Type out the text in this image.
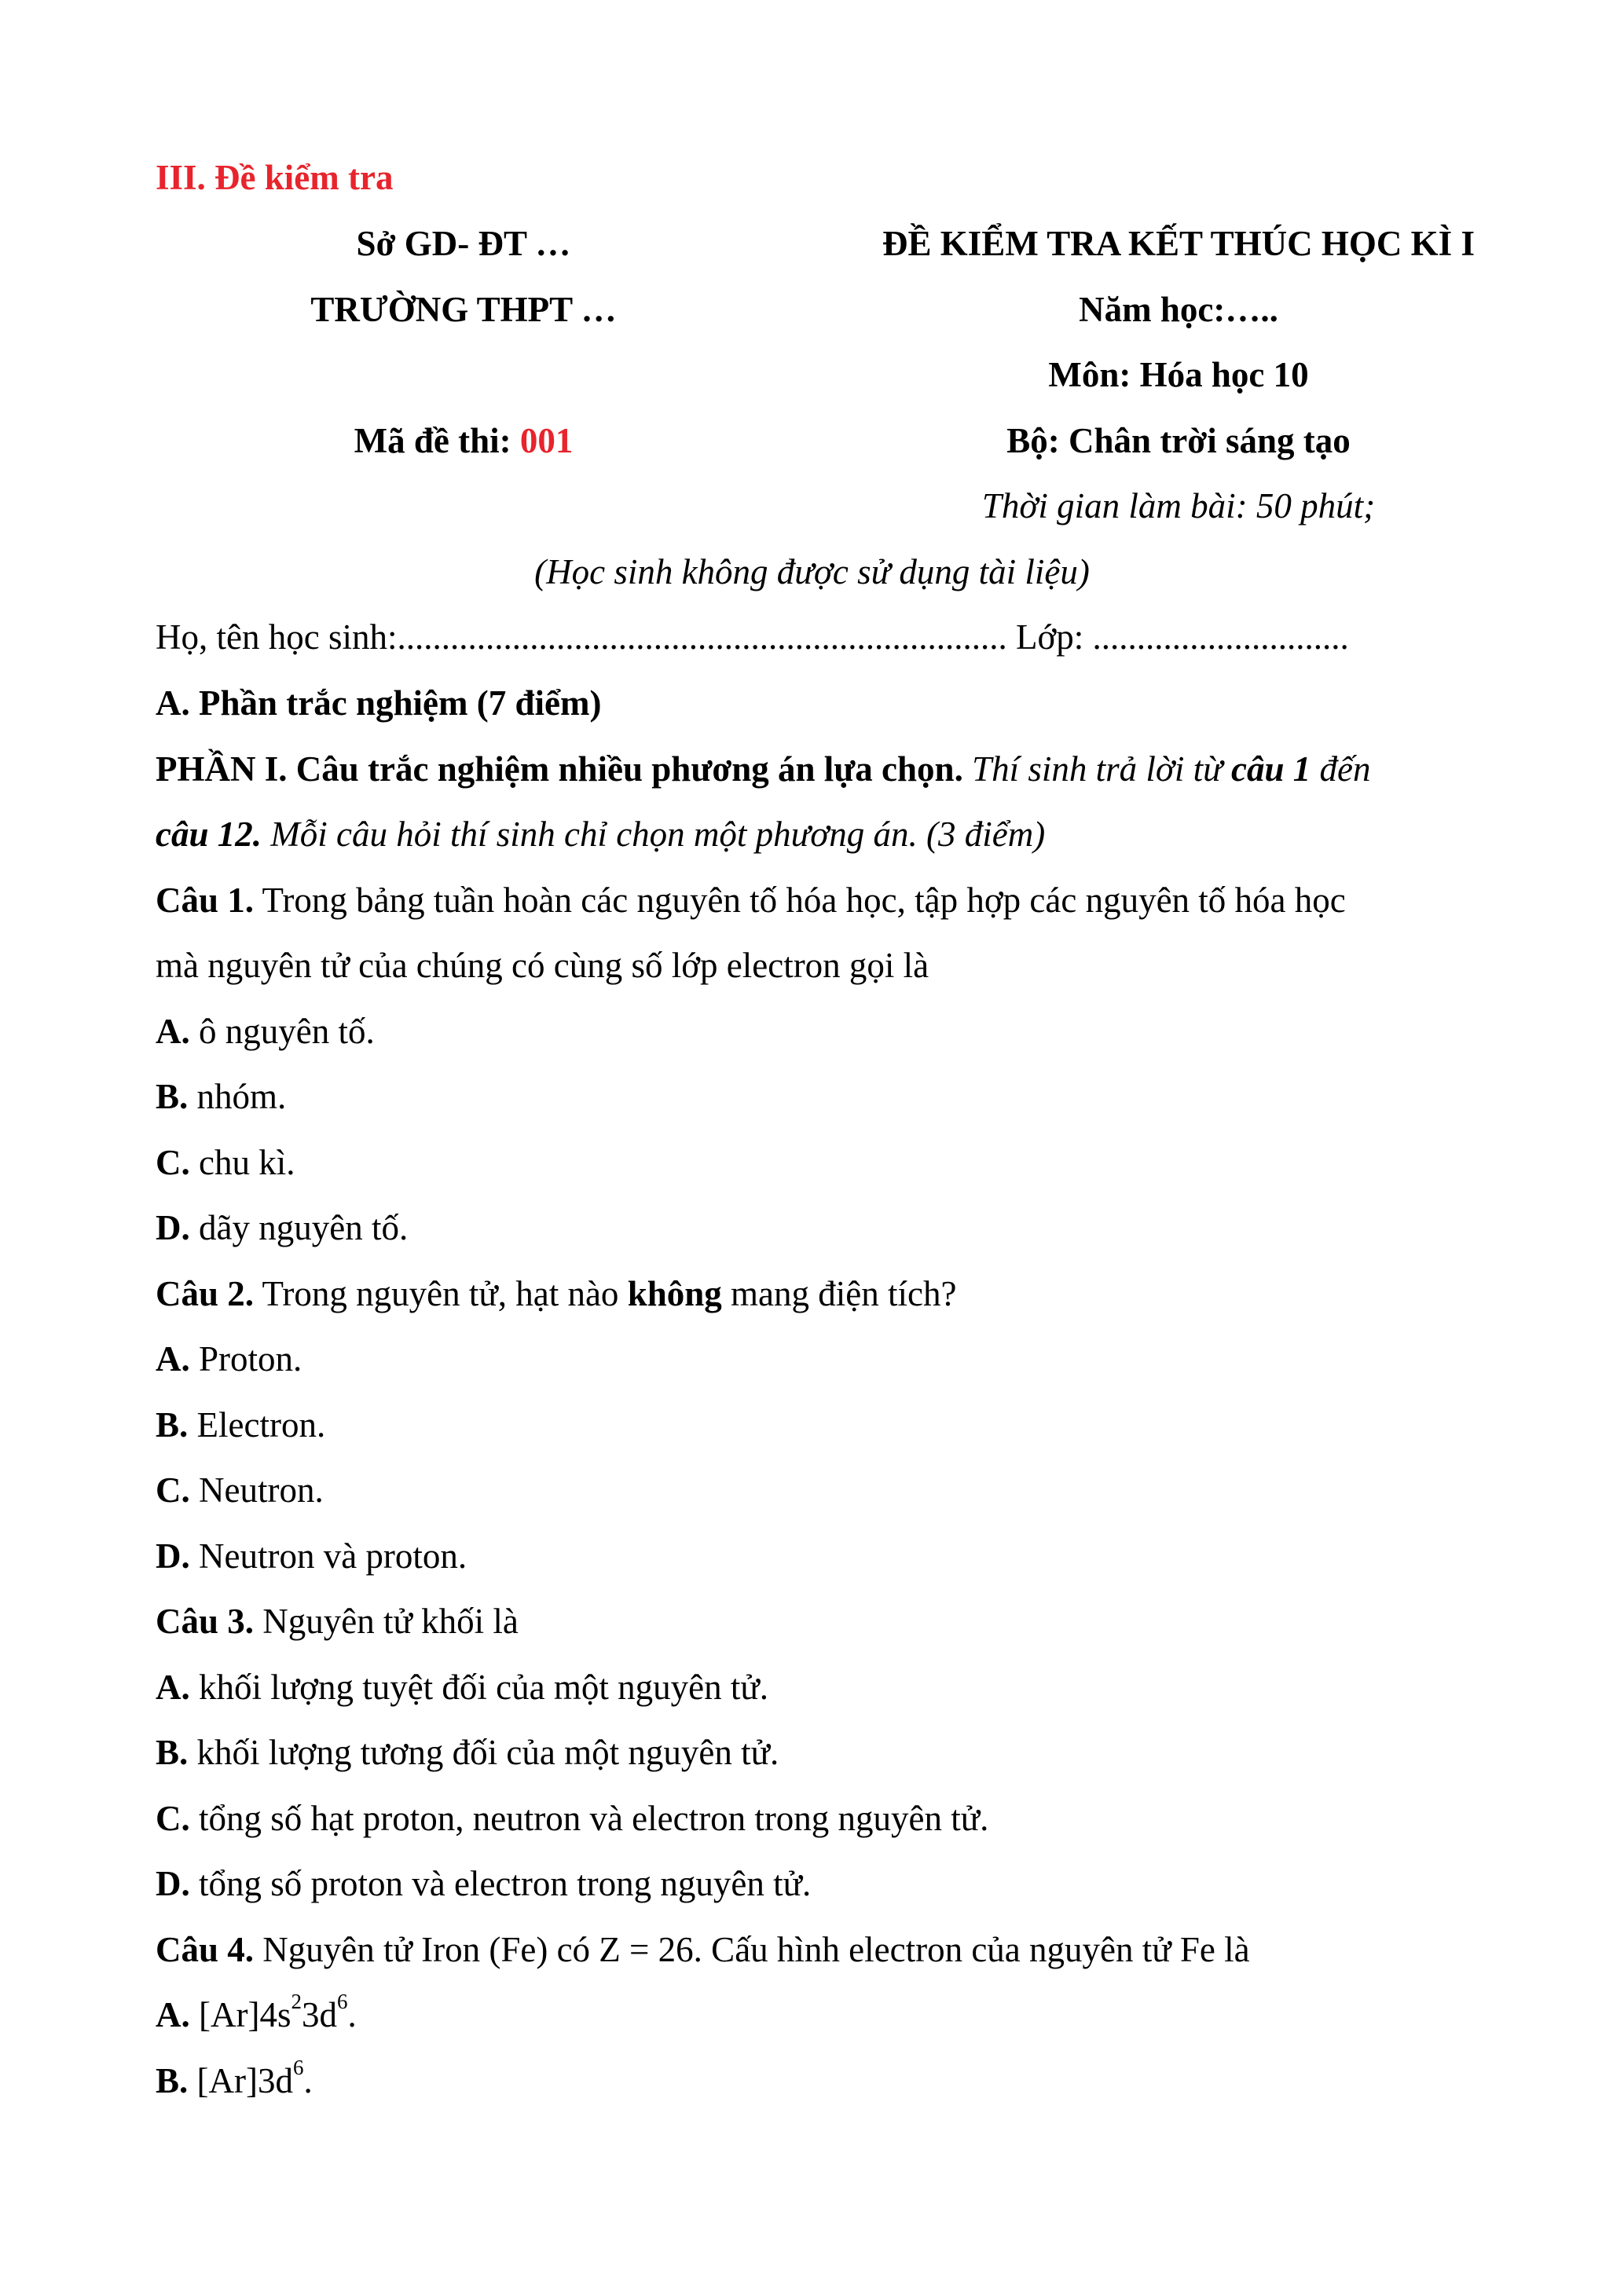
III. Đề kiểm tra
Sở GD- ĐT …
TRƯỜNG THPT …
Mã đề thi: 001
ĐỀ KIỂM TRA KẾT THÚC HỌC KÌ I
Năm học:…..
Môn: Hóa học 10
Bộ: Chân trời sáng tạo
Thời gian làm bài: 50 phút;
(Học sinh không được sử dụng tài liệu)
Họ, tên học sinh:..................................................................... Lớp: .............................
A. Phần trắc nghiệm (7 điểm)
PHẦN I. Câu trắc nghiệm nhiều phương án lựa chọn. Thí sinh trả lời từ câu 1 đến
câu 12. Mỗi câu hỏi thí sinh chỉ chọn một phương án. (3 điểm)
Câu 1. Trong bảng tuần hoàn các nguyên tố hóa học, tập hợp các nguyên tố hóa học
mà nguyên tử của chúng có cùng số lớp electron gọi là
A. ô nguyên tố.
B. nhóm.
C. chu kì.
D. dãy nguyên tố.
Câu 2. Trong nguyên tử, hạt nào không mang điện tích?
A. Proton.
B. Electron.
C. Neutron.
D. Neutron và proton.
Câu 3. Nguyên tử khối là
A. khối lượng tuyệt đối của một nguyên tử.
B. khối lượng tương đối của một nguyên tử.
C. tổng số hạt proton, neutron và electron trong nguyên tử.
D. tổng số proton và electron trong nguyên tử.
Câu 4. Nguyên tử Iron (Fe) có Z = 26. Cấu hình electron của nguyên tử Fe là
A. $[Ar]4s^23d^6$.
B. $[Ar]3d^6$.
